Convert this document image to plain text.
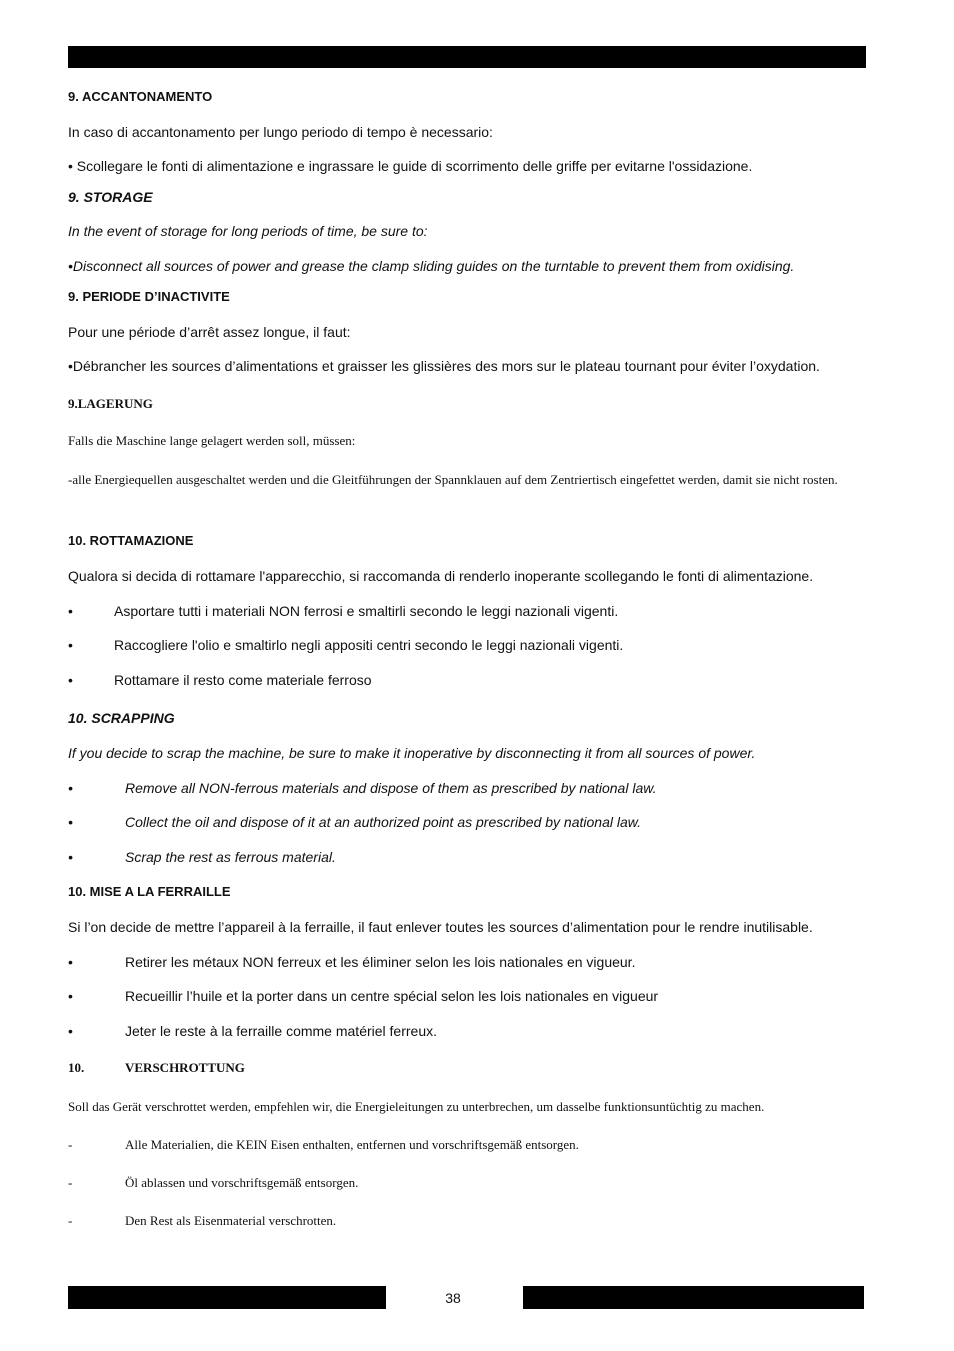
9. ACCANTONAMENTO

In caso di accantonamento per lungo periodo di tempo è necessario:

• Scollegare le fonti di alimentazione e ingrassare le guide di scorrimento delle griffe per evitarne l'ossidazione.

9. STORAGE

In the event of storage for long periods of time, be sure to:

•Disconnect all sources of power and grease the clamp sliding guides on the turntable to prevent them from oxidising.

9. PERIODE D’INACTIVITE

Pour une période d’arrêt assez longue, il faut:

•Débrancher les sources d’alimentations et graisser les glissières des mors sur le plateau tournant pour éviter l’oxydation.

9.LAGERUNG

Falls die Maschine lange gelagert werden soll, müssen:

-alle Energiequellen ausgeschaltet werden und die Gleitführungen der Spannklauen auf dem Zentriertisch eingefettet werden, damit sie nicht rosten.

10. ROTTAMAZIONE

Qualora si decida di rottamare l'apparecchio, si raccomanda di renderlo inoperante scollegando le fonti di alimentazione.

•	Asportare tutti i materiali NON ferrosi e smaltirli secondo le leggi nazionali vigenti.
•	Raccogliere l'olio e smaltirlo negli appositi centri secondo le leggi nazionali vigenti.
•	Rottamare il resto come materiale ferroso

10. SCRAPPING

If you decide to scrap the machine, be sure to make it inoperative by disconnecting it from all sources of power.

•	Remove all NON-ferrous materials and dispose of them as prescribed by national law.
•	Collect the oil and dispose of it at an authorized point as prescribed by national law.
•	Scrap the rest as ferrous material.

10. MISE A LA FERRAILLE

Si l’on decide de mettre l’appareil à la ferraille, il faut enlever toutes les sources d’alimentation pour le rendre inutilisable.

•	Retirer les métaux NON ferreux et les éliminer selon les lois nationales en vigueur.
•	Recueillir l’huile et la porter dans un centre spécial selon les lois nationales en vigueur
•	Jeter le reste à la ferraille comme matériel ferreux.
10.	VERSCHROTTUNG

Soll das Gerät verschrottet werden, empfehlen wir, die Energieleitungen zu unterbrechen, um dasselbe funktionsuntüchtig zu machen.

-	Alle Materialien, die KEIN Eisen enthalten, entfernen und vorschriftsgemäß entsorgen.
-	Öl ablassen und vorschriftsgemäß entsorgen.
-	Den Rest als Eisenmaterial verschrotten.
38
